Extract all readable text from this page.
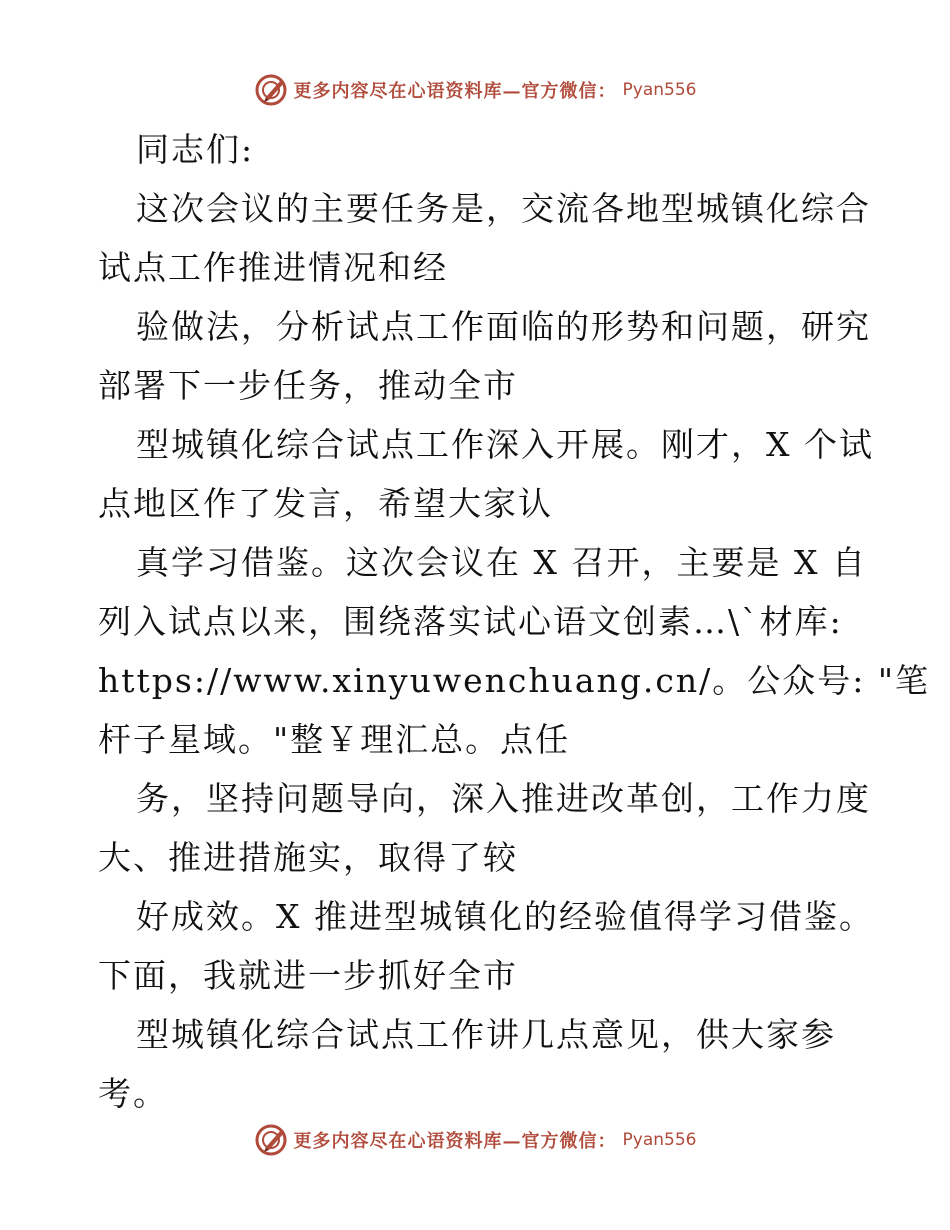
更多内容尽在心语资料库—官方微信： Pyan556
同志们:
这次会议的主要任务是，交流各地型城镇化综合
试点工作推进情况和经
验做法，分析试点工作面临的形势和问题，研究
部署下一步任务，推动全市
型城镇化综合试点工作深入开展。刚才，X 个试
点地区作了发言，希望大家认
真学习借鉴。这次会议在 X 召开，主要是 X 自
列入试点以来，围绕落实试心语文创素…\`材库:
https://www.xinyuwenchuang.cn/。公众号: "笔
杆子星域。"整￥理汇总。点任
务，坚持问题导向，深入推进改革创，工作力度
大、推进措施实，取得了较
好成效。X 推进型城镇化的经验值得学习借鉴。
下面，我就进一步抓好全市
型城镇化综合试点工作讲几点意见，供大家参
考。
更多内容尽在心语资料库—官方微信： Pyan556
